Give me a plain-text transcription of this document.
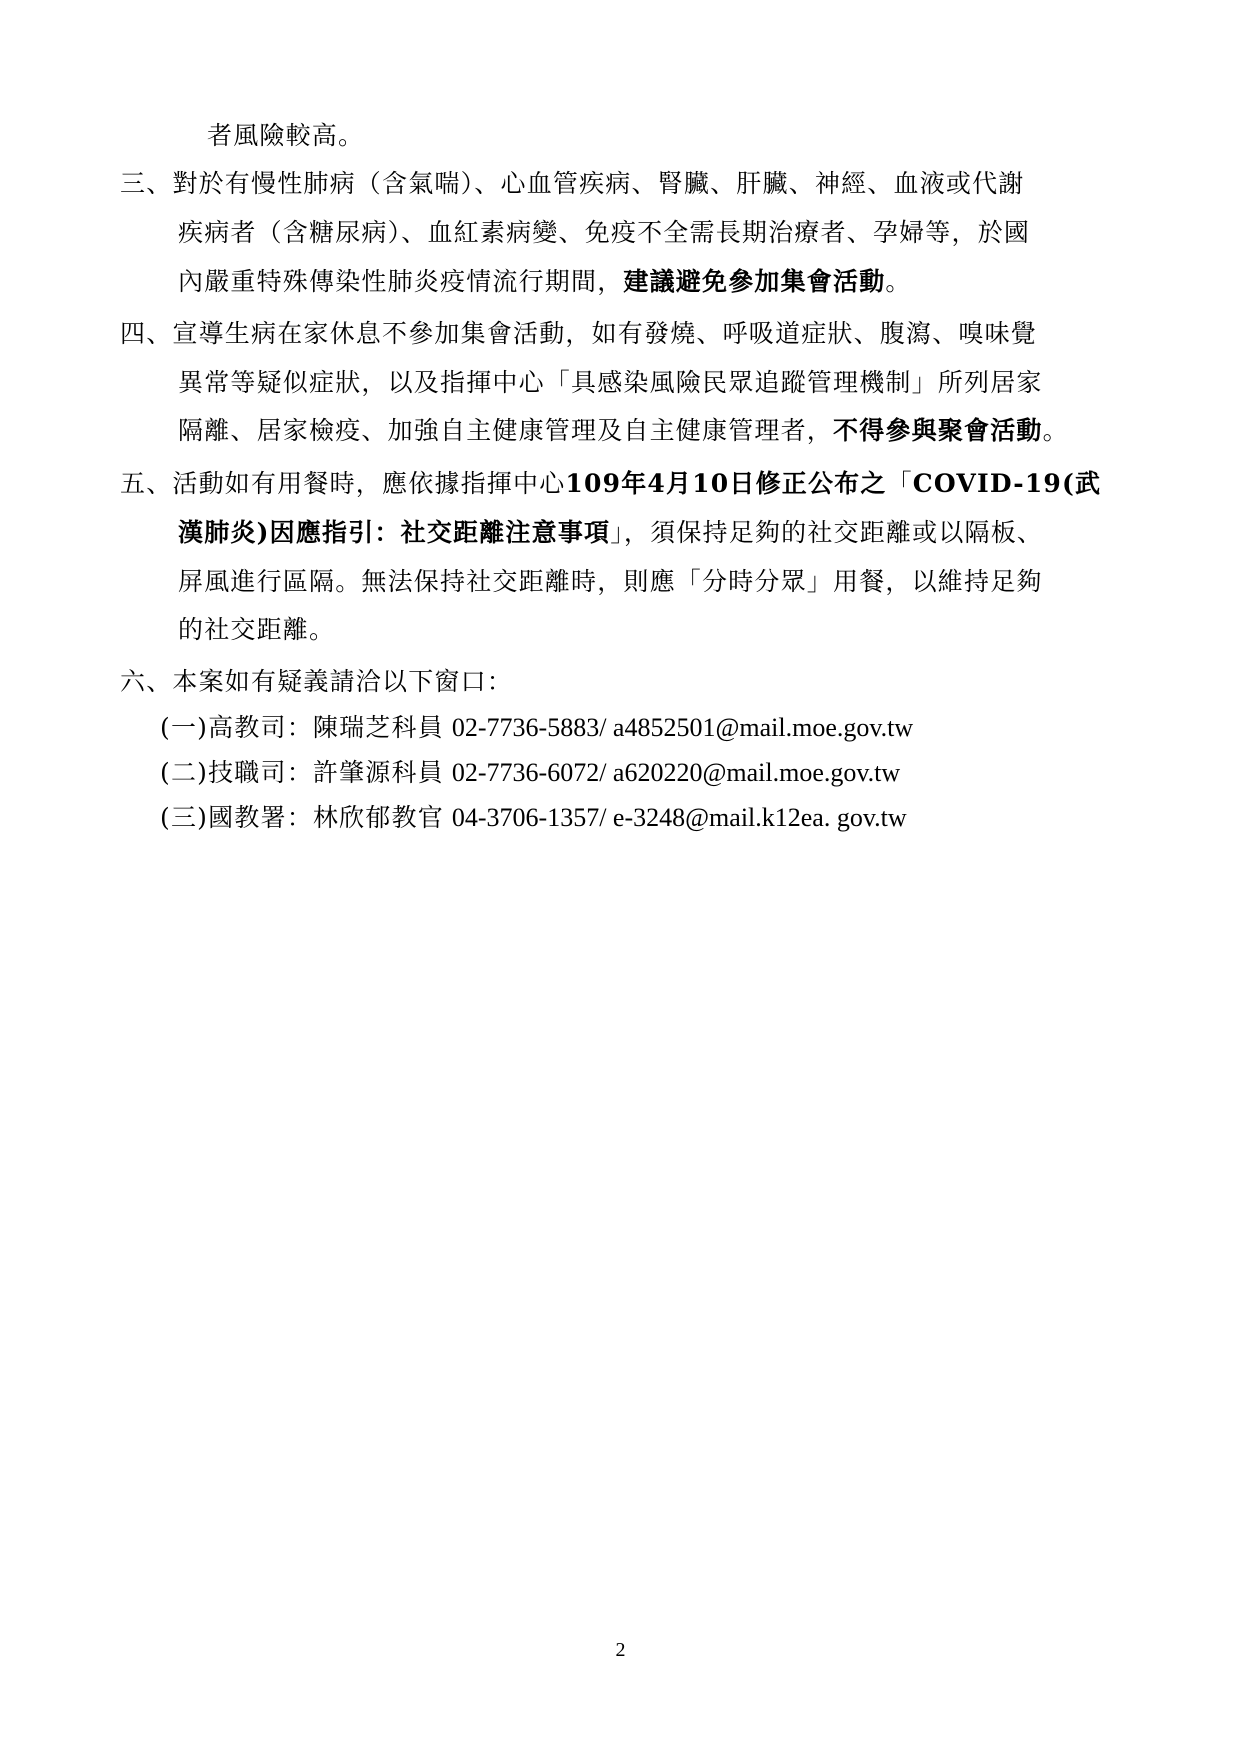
者風險較高。
三、對於有慢性肺病（含氣喘）、心血管疾病、腎臟、肝臟、神經、血液或代謝
疾病者（含糖尿病）、血紅素病變、免疫不全需長期治療者、孕婦等，於國
內嚴重特殊傳染性肺炎疫情流行期間，建議避免參加集會活動。
四、宣導生病在家休息不參加集會活動，如有發燒、呼吸道症狀、腹瀉、嗅味覺
異常等疑似症狀，以及指揮中心「具感染風險民眾追蹤管理機制」所列居家
隔離、居家檢疫、加強自主健康管理及自主健康管理者，不得參與聚會活動。
五、活動如有用餐時，應依據指揮中心109年4月10日修正公布之「COVID-19(武
漢肺炎)因應指引：社交距離注意事項」，須保持足夠的社交距離或以隔板、
屏風進行區隔。無法保持社交距離時，則應「分時分眾」用餐，以維持足夠
的社交距離。
六、本案如有疑義請洽以下窗口：
(一)高教司：陳瑞芝科員 02-7736-5883/ a4852501@mail.moe.gov.tw
(二)技職司：許肇源科員 02-7736-6072/ a620220@mail.moe.gov.tw
(三)國教署：林欣郁教官 04-3706-1357/ e-3248@mail.k12ea. gov.tw
2
